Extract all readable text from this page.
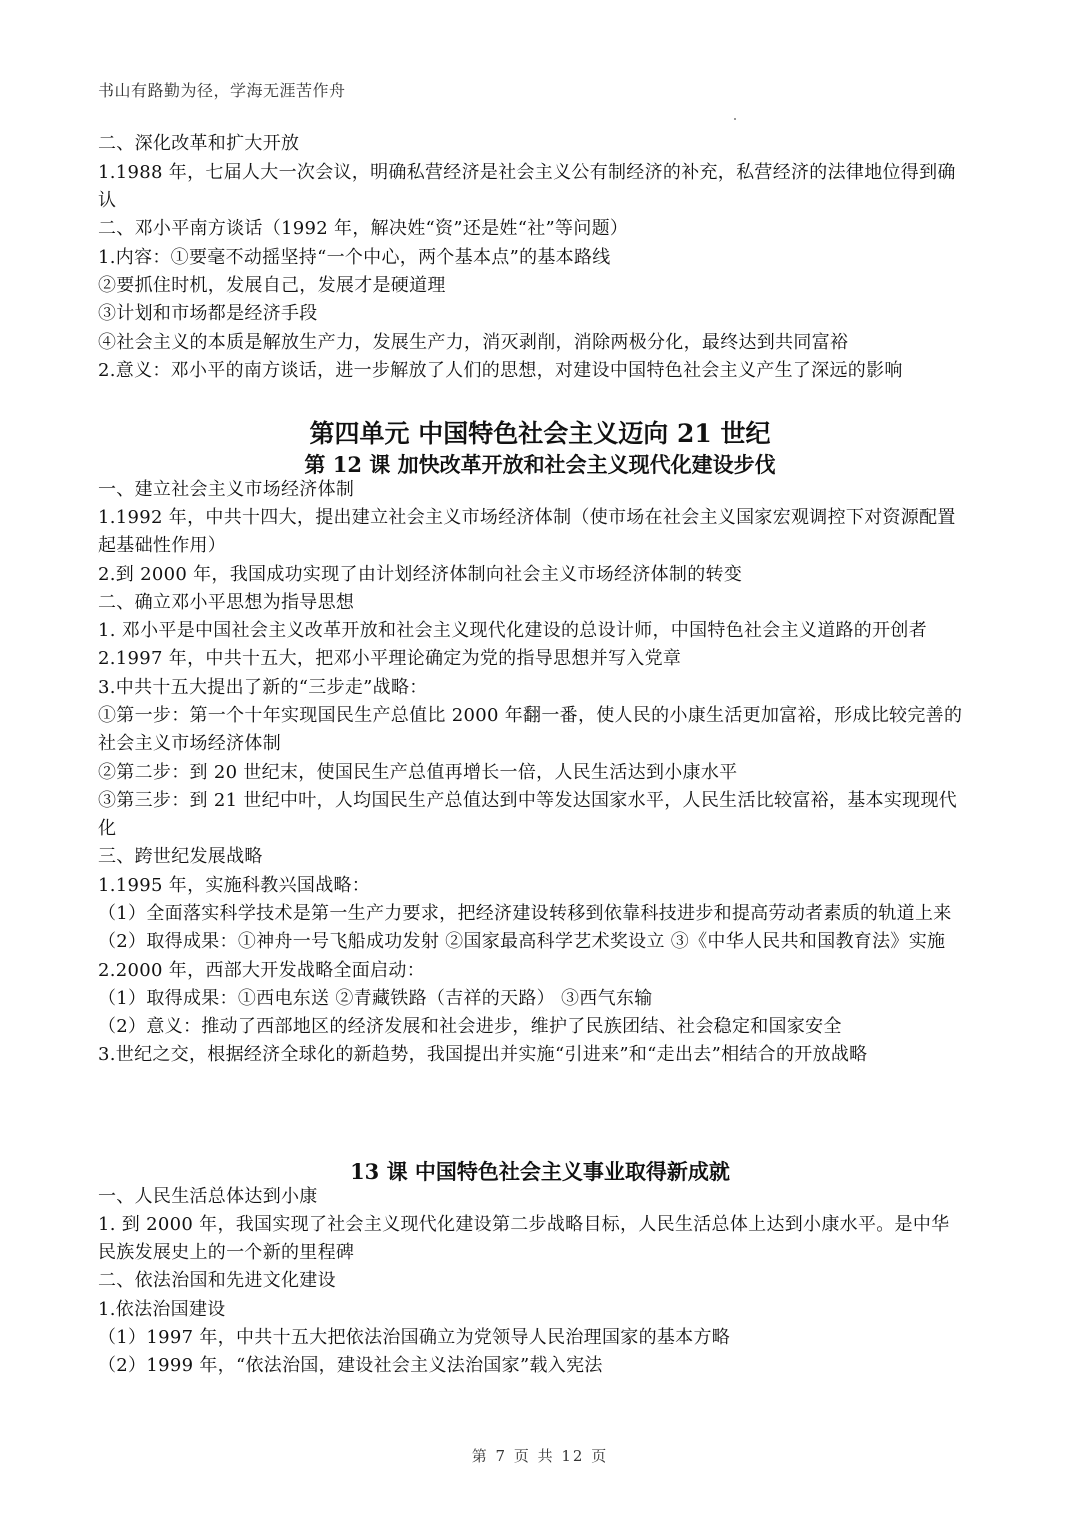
书山有路勤为径，学海无涯苦作舟
二、深化改革和扩大开放
1.1988 年，七届人大一次会议，明确私营经济是社会主义公有制经济的补充，私营经济的法律地位得到确
认
二、邓小平南方谈话（1992 年，解决姓“资”还是姓“社”等问题）
1.内容：①要毫不动摇坚持“一个中心，两个基本点”的基本路线
②要抓住时机，发展自己，发展才是硬道理
③计划和市场都是经济手段
④社会主义的本质是解放生产力，发展生产力，消灭剥削，消除两极分化，最终达到共同富裕
2.意义：邓小平的南方谈话，进一步解放了人们的思想，对建设中国特色社会主义产生了深远的影响
第四单元 中国特色社会主义迈向 21 世纪
第 12 课 加快改革开放和社会主义现代化建设步伐
一、建立社会主义市场经济体制
1.1992 年，中共十四大，提出建立社会主义市场经济体制（使市场在社会主义国家宏观调控下对资源配置
起基础性作用）
2.到 2000 年，我国成功实现了由计划经济体制向社会主义市场经济体制的转变
二、确立邓小平思想为指导思想
1. 邓小平是中国社会主义改革开放和社会主义现代化建设的总设计师，中国特色社会主义道路的开创者
2.1997 年，中共十五大，把邓小平理论确定为党的指导思想并写入党章
3.中共十五大提出了新的“三步走”战略：
①第一步：第一个十年实现国民生产总值比 2000 年翻一番，使人民的小康生活更加富裕，形成比较完善的
社会主义市场经济体制
②第二步：到 20 世纪末，使国民生产总值再增长一倍，人民生活达到小康水平
③第三步：到 21 世纪中叶，人均国民生产总值达到中等发达国家水平，人民生活比较富裕，基本实现现代
化
三、跨世纪发展战略
1.1995 年，实施科教兴国战略：
（1）全面落实科学技术是第一生产力要求，把经济建设转移到依靠科技进步和提高劳动者素质的轨道上来
（2）取得成果：①神舟一号飞船成功发射 ②国家最高科学艺术奖设立 ③《中华人民共和国教育法》实施
2.2000 年，西部大开发战略全面启动：
（1）取得成果：①西电东送 ②青藏铁路（吉祥的天路） ③西气东输
（2）意义：推动了西部地区的经济发展和社会进步，维护了民族团结、社会稳定和国家安全
3.世纪之交，根据经济全球化的新趋势，我国提出并实施“引进来”和“走出去”相结合的开放战略
13 课 中国特色社会主义事业取得新成就
一、人民生活总体达到小康
1. 到 2000 年，我国实现了社会主义现代化建设第二步战略目标，人民生活总体上达到小康水平。是中华
民族发展史上的一个新的里程碑
二、依法治国和先进文化建设
1.依法治国建设
（1）1997 年，中共十五大把依法治国确立为党领导人民治理国家的基本方略
（2）1999 年，“依法治国，建设社会主义法治国家”载入宪法
第 7 页 共 12 页
